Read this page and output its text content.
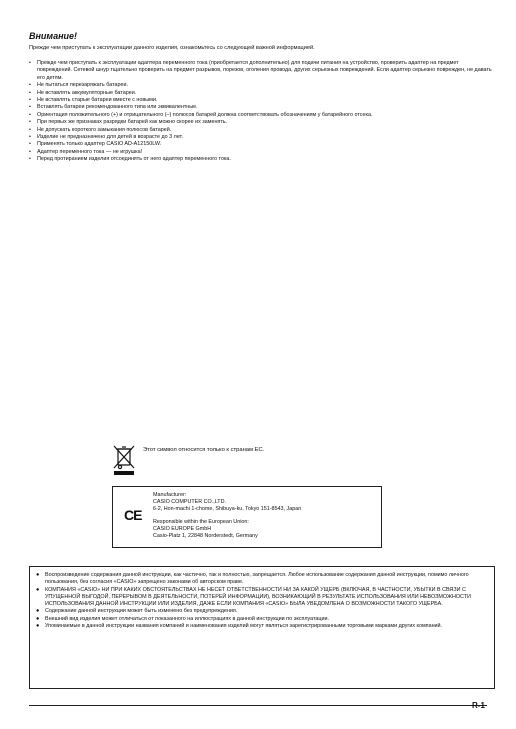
Внимание!
Прежде чем приступать к эксплуатации данного изделия, ознакомьтесь со следующей важной информацией.
• Прежде чем приступать к эксплуатации адаптера переменного тока (приобретается дополнительно) для подачи питания на устройство, проверить адаптер на предмет повреждений. Сетевой шнур тщательно проверить на предмет разрывов, порезов, оголения провода, других серьезных повреждений. Если адаптер серьезно поврежден, не давать его детям.
• Не пытаться перезаряжать батареи.
• Не вставлять аккумуляторные батареи.
• Не вставлять старые батареи вместе с новыми.
• Вставлять батареи рекомендованного типа или эквивалентные.
• Ориентация положительного (+) и отрицательного (–) полюсов батарей должна соответствовать обозначениям у батарейного отсека.
• При первых же признаках разрядки батарей как можно скорее их заменять.
• Не допускать короткого замыкания полюсов батарей.
• Изделие не предназначено для детей в возрасте до 3 лет.
• Применять только адаптер CASIO AD-A12150LW.
• Адаптер переменного тока — не игрушка!
• Перед протиранием изделия отсоединять от него адаптер переменного тока.
Этот символ относится только к странам ЕС.
CE
Manufacturer:
CASIO COMPUTER CO.,LTD.
6-2, Hon-machi 1-chome, Shibuya-ku, Tokyo 151-8543, Japan
Responsible within the European Union:
CASIO EUROPE GmbH
Casio-Platz 1, 22848 Norderstedt, Germany
● Воспроизведение содержания данной инструкции, как частично, так и полностью, запрещается. Любое использование содержания данной инструкции, помимо личного пользования, без согласия «CASIO» запрещено законами об авторском праве.
● КОМПАНИЯ «CASIO» НИ ПРИ КАКИХ ОБСТОЯТЕЛЬСТВАХ НЕ НЕСЕТ ОТВЕТСТВЕННОСТИ НИ ЗА КАКОЙ УЩЕРБ (ВКЛЮЧАЯ, В ЧАСТНОСТИ, УБЫТКИ В СВЯЗИ С УПУЩЕННОЙ ВЫГОДОЙ, ПЕРЕРЫВОМ В ДЕЯТЕЛЬНОСТИ, ПОТЕРЕЙ ИНФОРМАЦИИ), ВОЗНИКАЮЩИЙ В РЕЗУЛЬТАТЕ ИСПОЛЬЗОВАНИЯ ИЛИ НЕВОЗМОЖНОСТИ ИСПОЛЬЗОВАНИЯ ДАННОЙ ИНСТРУКЦИИ ИЛИ ИЗДЕЛИЯ, ДАЖЕ ЕСЛИ КОМПАНИЯ «CASIO» БЫЛА УВЕДОМЛЕНА О ВОЗМОЖНОСТИ ТАКОГО УЩЕРБА.
● Содержание данной инструкции может быть изменено без предупреждения.
● Внешний вид изделия может отличаться от показанного на иллюстрациях в данной инструкции по эксплуатации.
● Упоминаемые в данной инструкции названия компаний и наименования изделий могут являться зарегистрированными торговыми марками других компаний.
R-1
